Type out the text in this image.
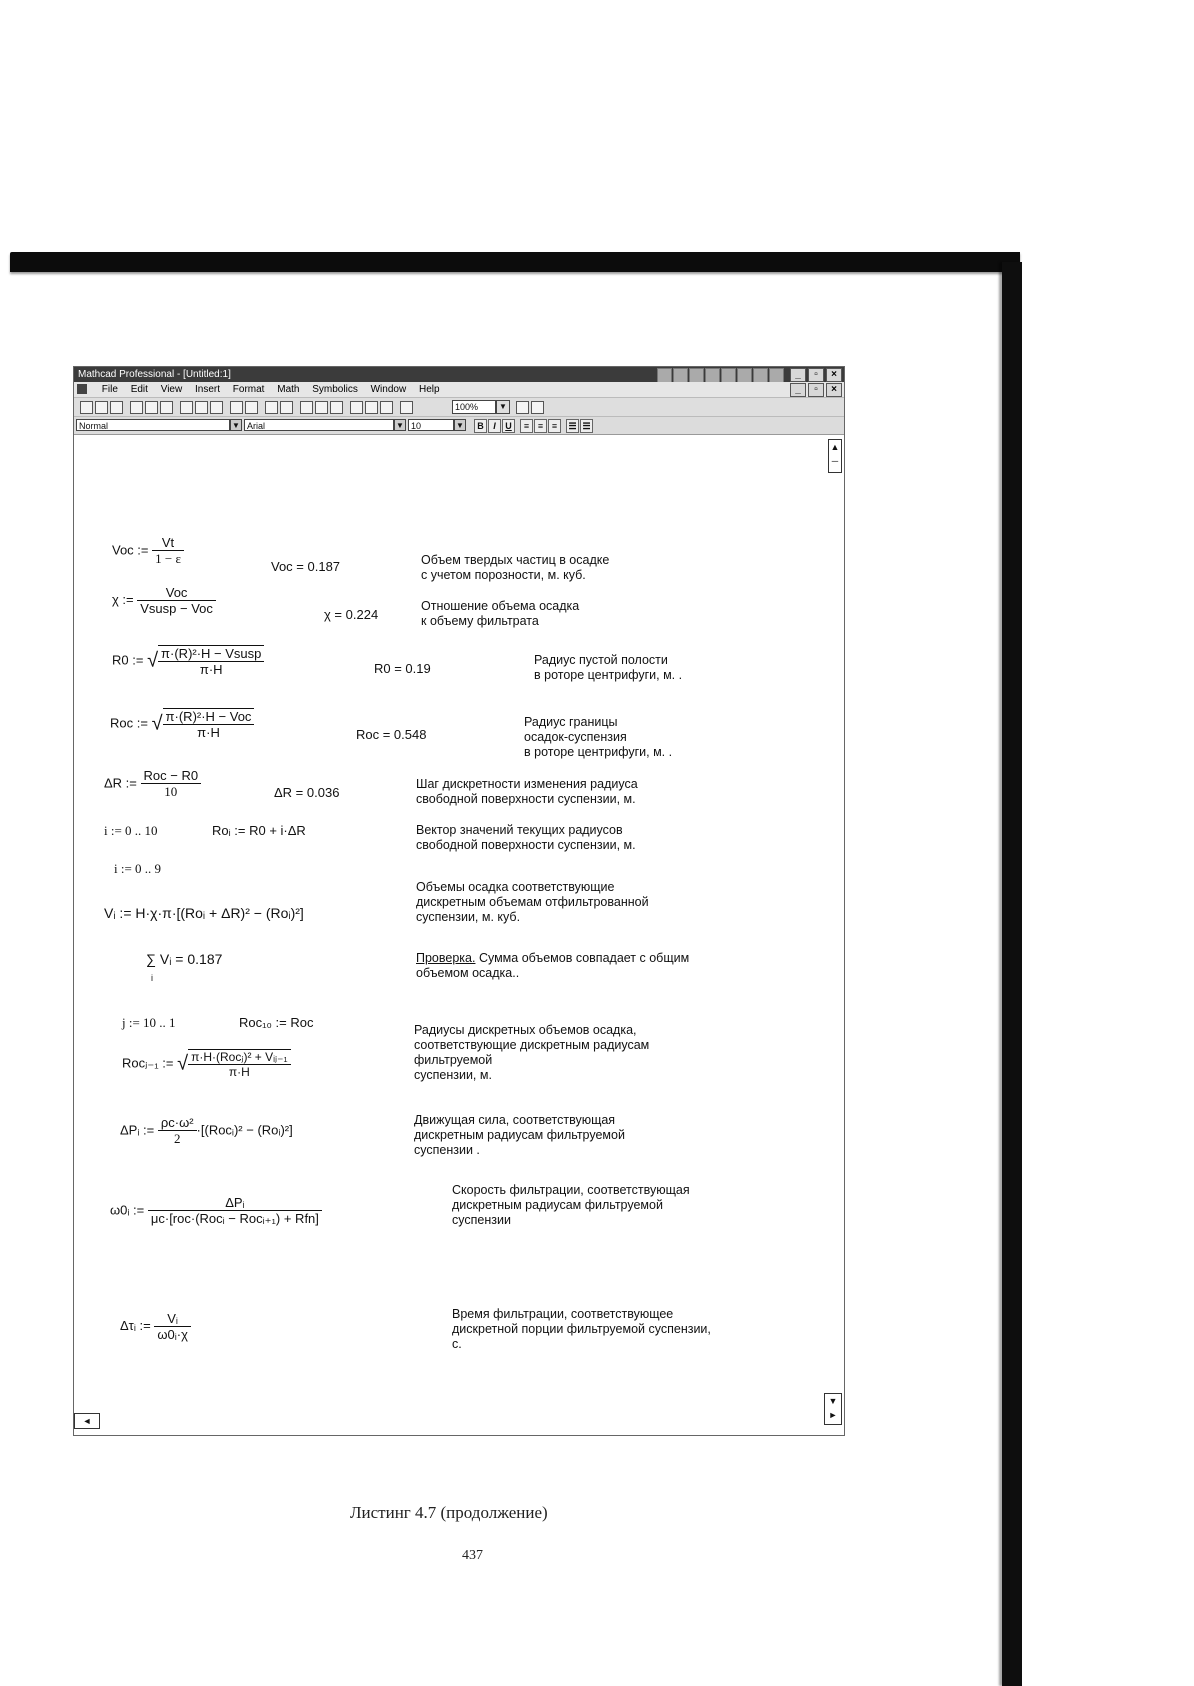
Mathcad Professional - [Untitled:1]	_	▫	×
File Edit View Insert Format Math Symbolics Window Help	_	▫	×
100%	▼
Normal	▼ Arial	▼ 10	▼	B	I	U	≡ ≡ ≡	☰ ☰
▲
─
Voc := $\frac{Vt}{1 - \varepsilon}$	Voc = 0.187	Объем твердых частиц в осадке
с учетом порозности, м. куб.
χ := $\frac{\text{Voc}}{\text{Vsusp − Voc}}$	χ = 0.224
Отношение объема осадка
к объему фильтрата
R0 := √ $\frac{\text{π·(R)²·H − Vsusp}}{\pi\cdot H}$	R0 = 0.19
Радиус пустой полости
в роторе центрифуги, м. .
Roc := √ $\frac{\text{π·(R)²·H − Voc}}{\pi\cdot H}$	Roc = 0.548
Радиус границы
осадок-суспензия
в роторе центрифуги, м. .
ΔR := $\frac{\text{Roc − R0}}{10}$	ΔR = 0.036
Шаг дискретности изменения радиуса
свободной поверхности суспензии, м.
i := 0 .. 10	Roᵢ := R0 + i·ΔR	Вектор значений текущих радиусов
свободной поверхности суспензии, м.
i := 0 .. 9
Vᵢ := H·χ·π·[(Roᵢ + ΔR)² − (Roᵢ)²]
Объемы осадка соответствующие
дискретным объемам отфильтрованной
суспензии, м. куб.
∑ Vᵢ = 0.187
i
Проверка. Сумма объемов совпадает с общим
объемом осадка..
j := 10 .. 1	Roc₁₀ := Roc
Rocⱼ₋₁ := √ $\frac{\text{π·H·(Rocⱼ)² + Vᵢⱼ₋₁}}{\pi\cdot H}$
Радиусы дискретных объемов осадка,
соответствующие дискретным радиусам
фильтруемой
суспензии, м.
ΔPᵢ := $\frac{\text{ρc·ω²}}{2}$ ·[(Rocᵢ)² − (Roᵢ)²]
Движущая сила, соответствующая
дискретным радиусам фильтруемой
суспензии .
ω0ᵢ := $\frac{\text{ΔPᵢ}}{\text{μc·[roc·(Rocᵢ − Rocᵢ₊₁) + Rfn]}}$
Скорость фильтрации, соответствующая
дискретным радиусам фильтруемой
суспензии
Δτᵢ := $\frac{\text{Vᵢ}}{\text{ω0ᵢ·χ}}$	Время фильтрации, соответствующее
дискретной порции фильтруемой суспензии,
с.
◄
▼
►
Листинг 4.7 (продолжение)
437
